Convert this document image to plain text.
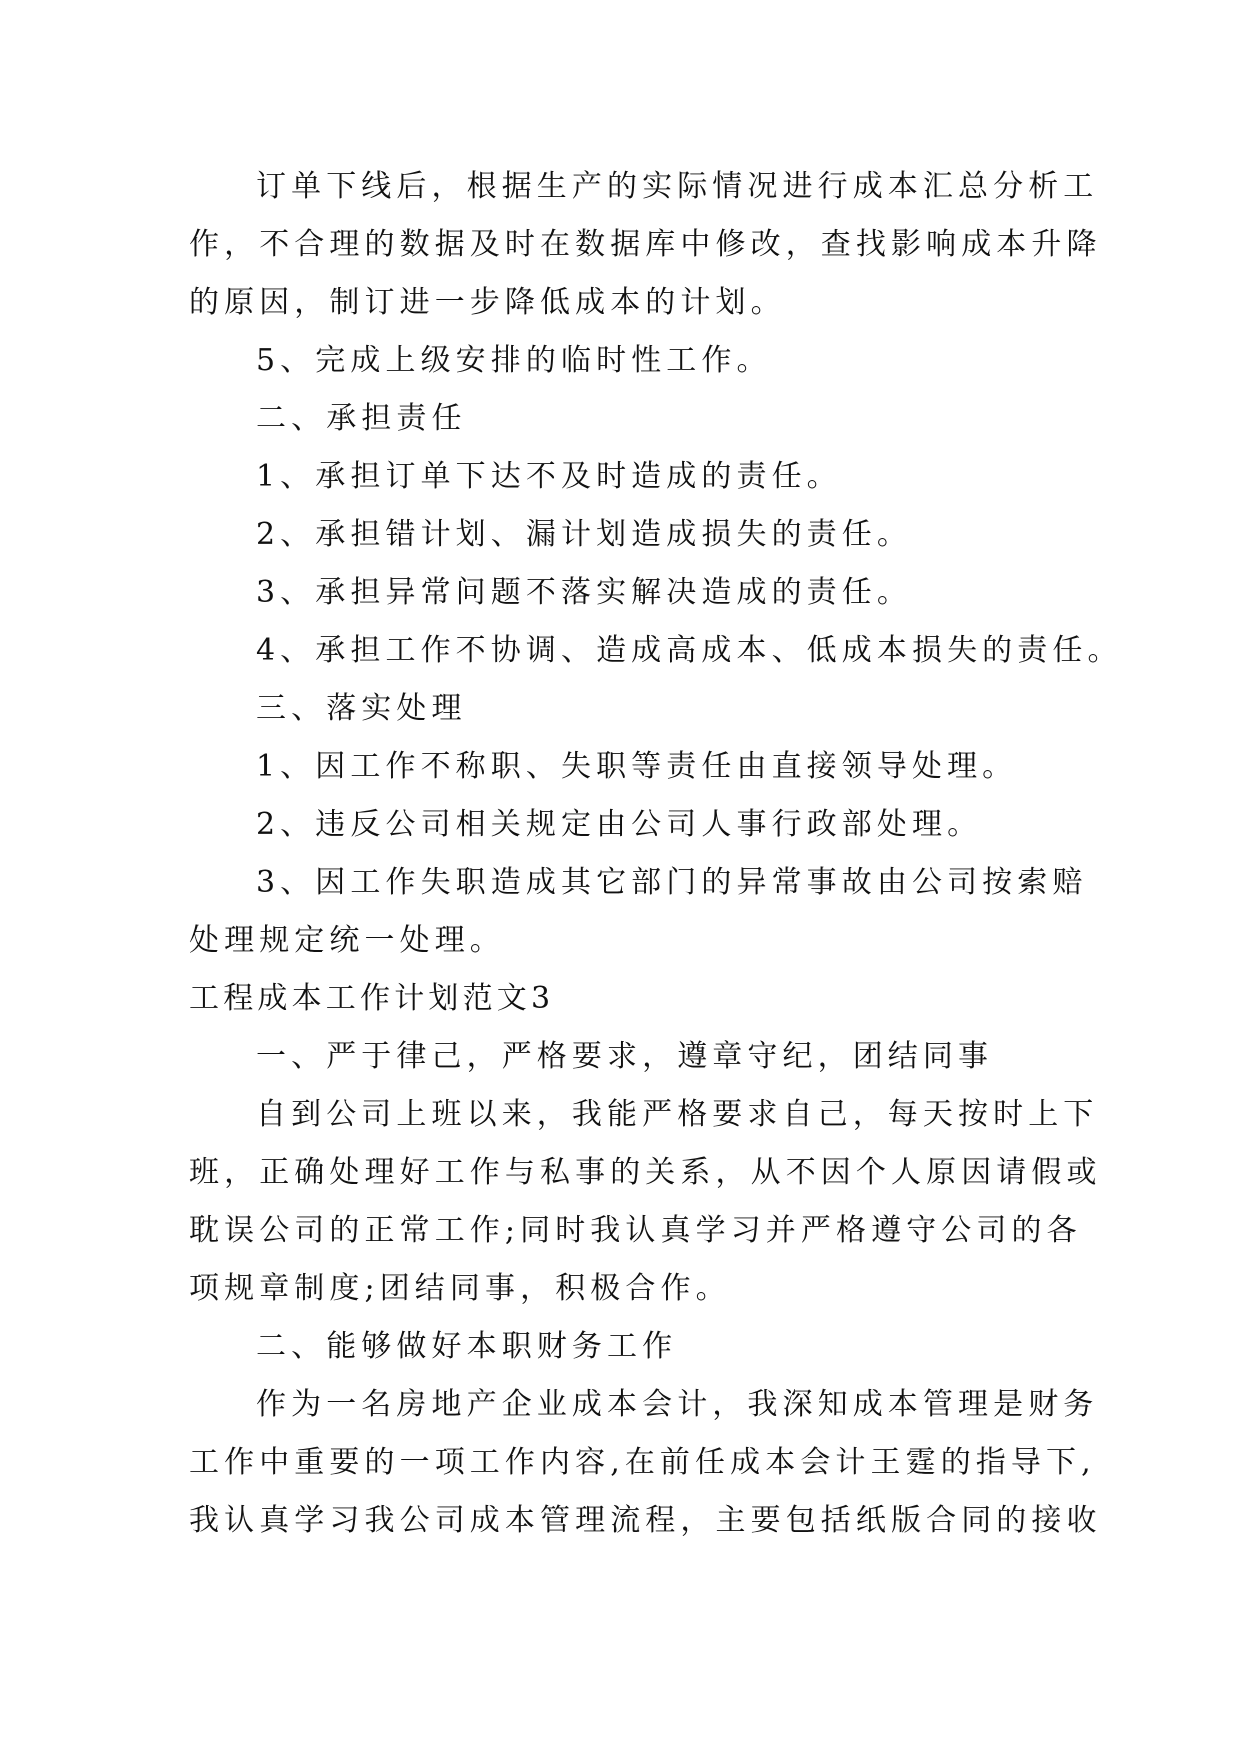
订单下线后，根据生产的实际情况进行成本汇总分析工
作，不合理的数据及时在数据库中修改，查找影响成本升降
的原因，制订进一步降低成本的计划。
5、完成上级安排的临时性工作。
二、承担责任
1、承担订单下达不及时造成的责任。
2、承担错计划、漏计划造成损失的责任。
3、承担异常问题不落实解决造成的责任。
4、承担工作不协调、造成高成本、低成本损失的责任。
三、落实处理
1、因工作不称职、失职等责任由直接领导处理。
2、违反公司相关规定由公司人事行政部处理。
3、因工作失职造成其它部门的异常事故由公司按索赔
处理规定统一处理。
工程成本工作计划范文3
一、严于律己，严格要求，遵章守纪，团结同事
自到公司上班以来，我能严格要求自己，每天按时上下
班，正确处理好工作与私事的关系，从不因个人原因请假或
耽误公司的正常工作;同时我认真学习并严格遵守公司的各
项规章制度;团结同事，积极合作。
二、能够做好本职财务工作
作为一名房地产企业成本会计，我深知成本管理是财务
工作中重要的一项工作内容,在前任成本会计王霆的指导下,
我认真学习我公司成本管理流程，主要包括纸版合同的接收
